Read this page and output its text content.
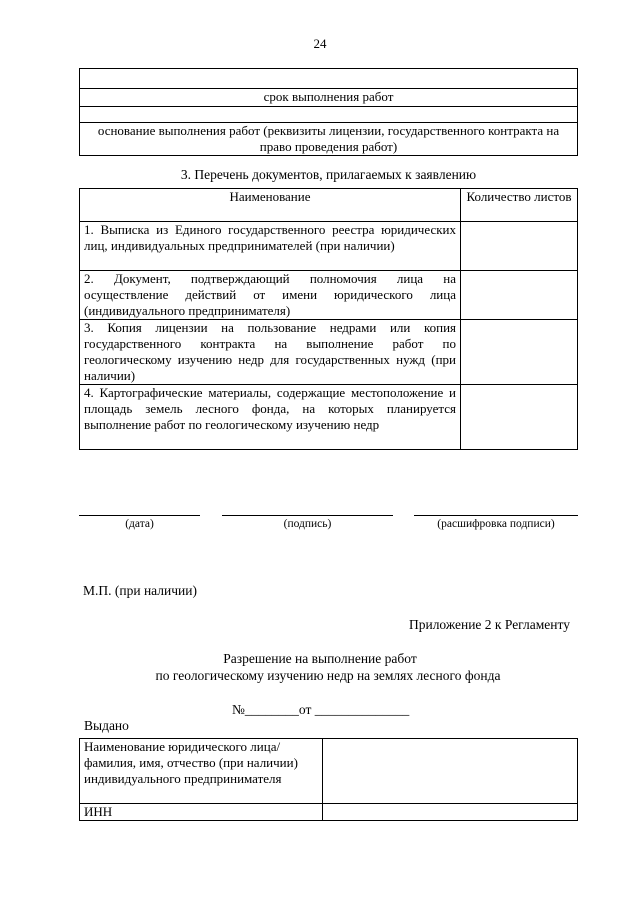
24

срок выполнения работ

основание выполнения работ (реквизиты лицензии, государственного контракта на право проведения работ)
3. Перечень документов, прилагаемых к заявлению
Наименование	Количество листов
1. Выписка из Единого государственного реестра юридических лиц, индивидуальных предпринимателей (при наличии)	
2. Документ, подтверждающий полномочия лица на осуществление действий от имени юридического лица (индивидуального предпринимателя)	
3. Копия лицензии на пользование недрами или копия государственного контракта на выполнение работ по геологическому изучению недр для государственных нужд (при наличии)	
4. Картографические материалы, содержащие местоположение и площадь земель лесного фонда, на которых планируется выполнение работ по геологическому изучению недр	
(дата)	(подпись)	(расшифровка подписи)
М.П. (при наличии)
Приложение 2 к Регламенту
Разрешение на выполнение работ
по геологическому изучению недр на землях лесного фонда
№________от ______________
Выдано
Наименование юридического лица/ фамилия, имя, отчество (при наличии) индивидуального предпринимателя	
ИНН	
